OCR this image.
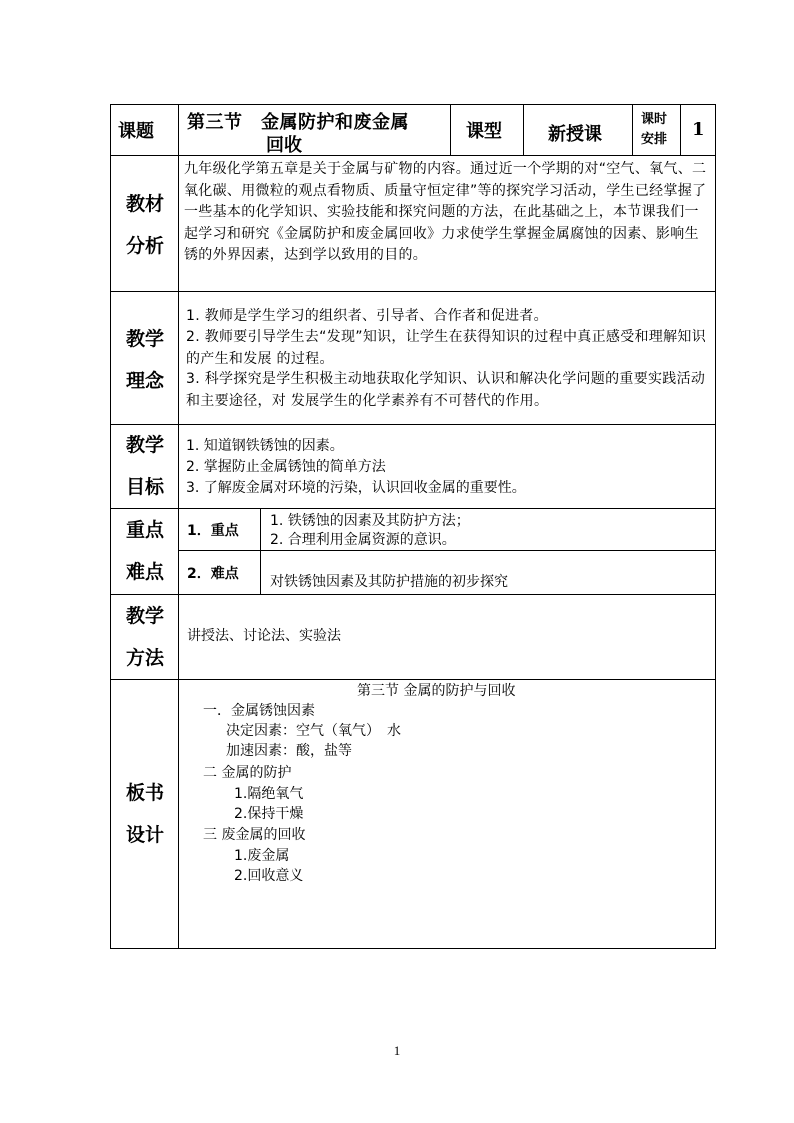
课题 第三节　金属防护和废金属
回收
课型	新授课
课时
安排 1
教材
分析
九年级化学第五章是关于金属与矿物的内容。通过近一个学期的对“空气、氧气、二氧化碳、用微粒的观点看物质、质量守恒定律”等的探究学习活动，学生已经掌握了一些基本的化学知识、实验技能和探究问题的方法，在此基础之上，本节课我们一起学习和研究《金属防护和废金属回收》力求使学生掌握金属腐蚀的因素、影响生锈的外界因素，达到学以致用的目的。
教学
理念
1. 教师是学生学习的组织者、引导者、合作者和促进者。
2. 教师要引导学生去“发现”知识，让学生在获得知识的过程中真正感受和理解知识的产生和发展 的过程。
3. 科学探究是学生积极主动地获取化学知识、认识和解决化学问题的重要实践活动和主要途径，对 发展学生的化学素养有不可替代的作用。
教学
目标
1. 知道钢铁锈蚀的因素。
2. 掌握防止金属锈蚀的简单方法
3. 了解废金属对环境的污染，认识回收金属的重要性。
重点
难点
1．重点
1. 铁锈蚀的因素及其防护方法；
2. 合理利用金属资源的意识。
2．难点 对铁锈蚀因素及其防护措施的初步探究
教学
方法
讲授法、讨论法、实验法
板书
设计
第三节 金属的防护与回收
一．金属锈蚀因素
决定因素：空气（氧气）　水
加速因素：酸，盐等
二 金属的防护
1.隔绝氧气
2.保持干燥
三 废金属的回收
1.废金属
2.回收意义
1
